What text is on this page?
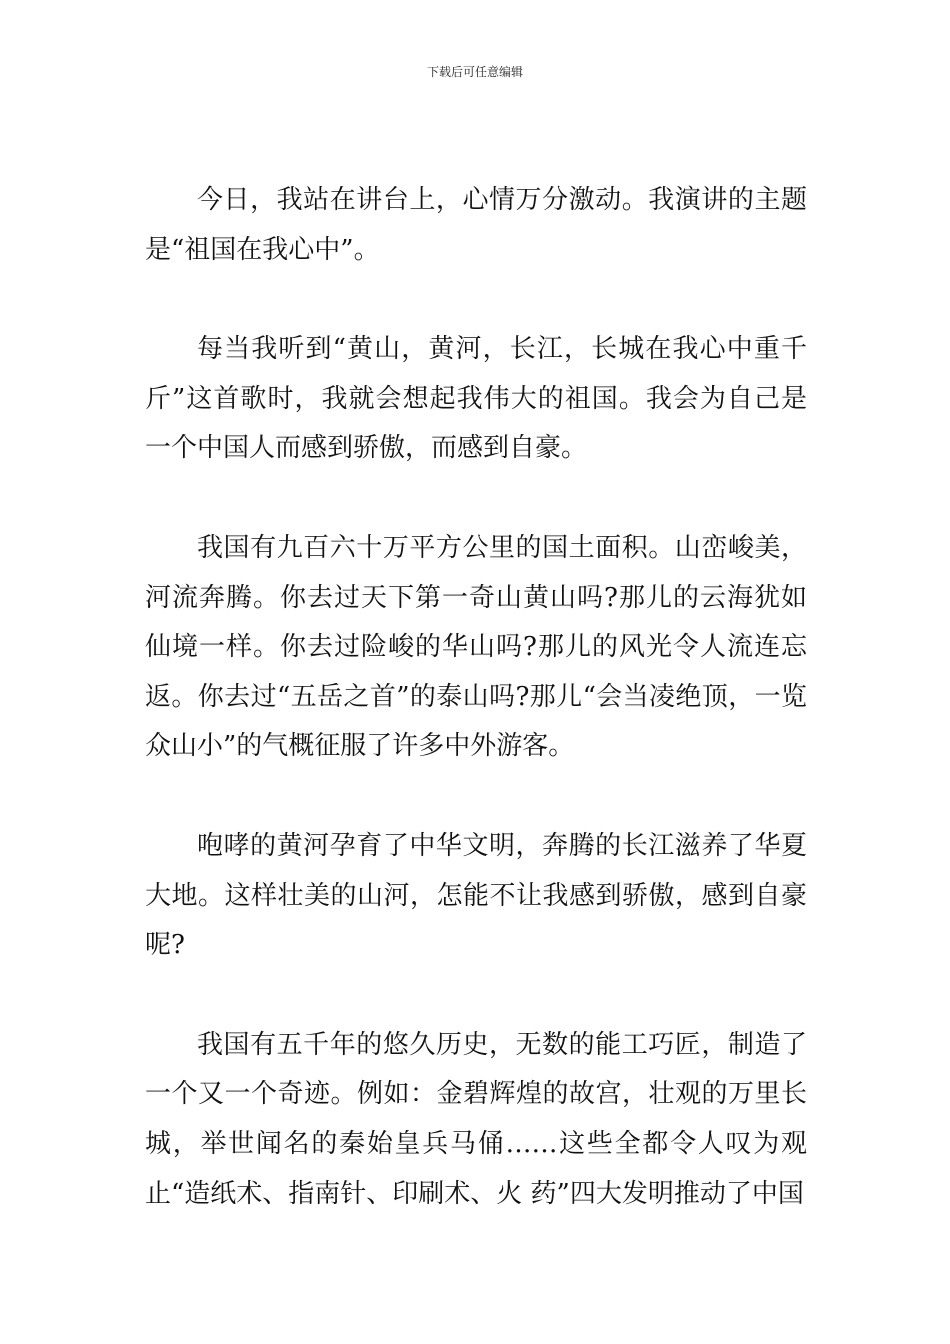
下载后可任意编辑

今日，我站在讲台上，心情万分激动。我演讲的主题是“祖国在我心中”。

每当我听到“黄山，黄河，长江，长城在我心中重千斤”这首歌时，我就会想起我伟大的祖国。我会为自己是一个中国人而感到骄傲，而感到自豪。

我国有九百六十万平方公里的国土面积。山峦峻美，河流奔腾。你去过天下第一奇山黄山吗?那儿的云海犹如仙境一样。你去过险峻的华山吗?那儿的风光令人流连忘返。你去过“五岳之首”的泰山吗?那儿“会当凌绝顶，一览众山小”的气概征服了许多中外游客。

咆哮的黄河孕育了中华文明，奔腾的长江滋养了华夏大地。这样壮美的山河，怎能不让我感到骄傲，感到自豪呢?

我国有五千年的悠久历史，无数的能工巧匠，制造了一个又一个奇迹。例如：金碧辉煌的故宫，壮观的万里长城，举世闻名的秦始皇兵马俑……这些全都令人叹为观止“造纸术、指南针、印刷术、火 药”四大发明推动了中国
